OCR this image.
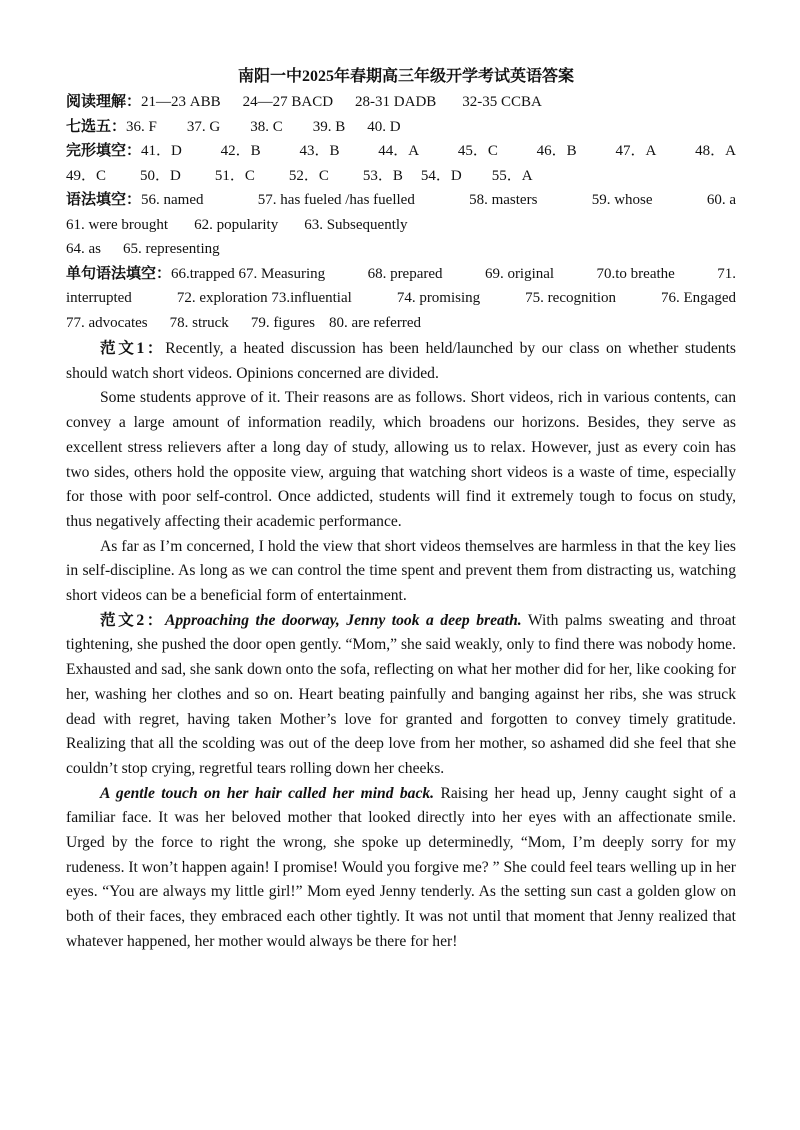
南阳一中2025年春期高三年级开学考试英语答案
阅读理解：21—23 ABB 24—27 BACD 28-31 DADB 32-35 CCBA
七选五：36. F 37. G 38. C 39. B 40. D
完形填空：41．D	42．B	43．B	44．A	45．C	46．B	47．A	48．A
49．C 50．D 51．C 52．C 53．B 54．D 55．A
语法填空：56. named	57. has fueled /has fuelled	58. masters	59. whose	60. a
61. were brought 62. popularity 63. Subsequently
64. as 65. representing
单句语法填空：66.trapped 67. Measuring	68. prepared	69. original	70.to breathe	71.
interrupted	72. exploration 73.influential	74. promising	75. recognition	76. Engaged
77. advocates 78. struck 79. figures 80. are referred

范文1：Recently, a heated discussion has been held/launched by our class on whether students should watch short videos. Opinions concerned are divided.

Some students approve of it. Their reasons are as follows. Short videos, rich in various contents, can convey a large amount of information readily, which broadens our horizons. Besides, they serve as excellent stress relievers after a long day of study, allowing us to relax. However, just as every coin has two sides, others hold the opposite view, arguing that watching short videos is a waste of time, especially for those with poor self-control. Once addicted, students will find it extremely tough to focus on study, thus negatively affecting their academic performance.

As far as I’m concerned, I hold the view that short videos themselves are harmless in that the key lies in self-discipline. As long as we can control the time spent and prevent them from distracting us, watching short videos can be a beneficial form of entertainment.

范文2：Approaching the doorway, Jenny took a deep breath. With palms sweating and throat tightening, she pushed the door open gently. “Mom,” she said weakly, only to find there was nobody home. Exhausted and sad, she sank down onto the sofa, reflecting on what her mother did for her, like cooking for her, washing her clothes and so on. Heart beating painfully and banging against her ribs, she was struck dead with regret, having taken Mother’s love for granted and forgotten to convey timely gratitude. Realizing that all the scolding was out of the deep love from her mother, so ashamed did she feel that she couldn’t stop crying, regretful tears rolling down her cheeks.

A gentle touch on her hair called her mind back. Raising her head up, Jenny caught sight of a familiar face. It was her beloved mother that looked directly into her eyes with an affectionate smile. Urged by the force to right the wrong, she spoke up determinedly, “Mom, I’m deeply sorry for my rudeness. It won’t happen again! I promise! Would you forgive me? ” She could feel tears welling up in her eyes. “You are always my little girl!” Mom eyed Jenny tenderly. As the setting sun cast a golden glow on both of their faces, they embraced each other tightly. It was not until that moment that Jenny realized that whatever happened, her mother would always be there for her!
